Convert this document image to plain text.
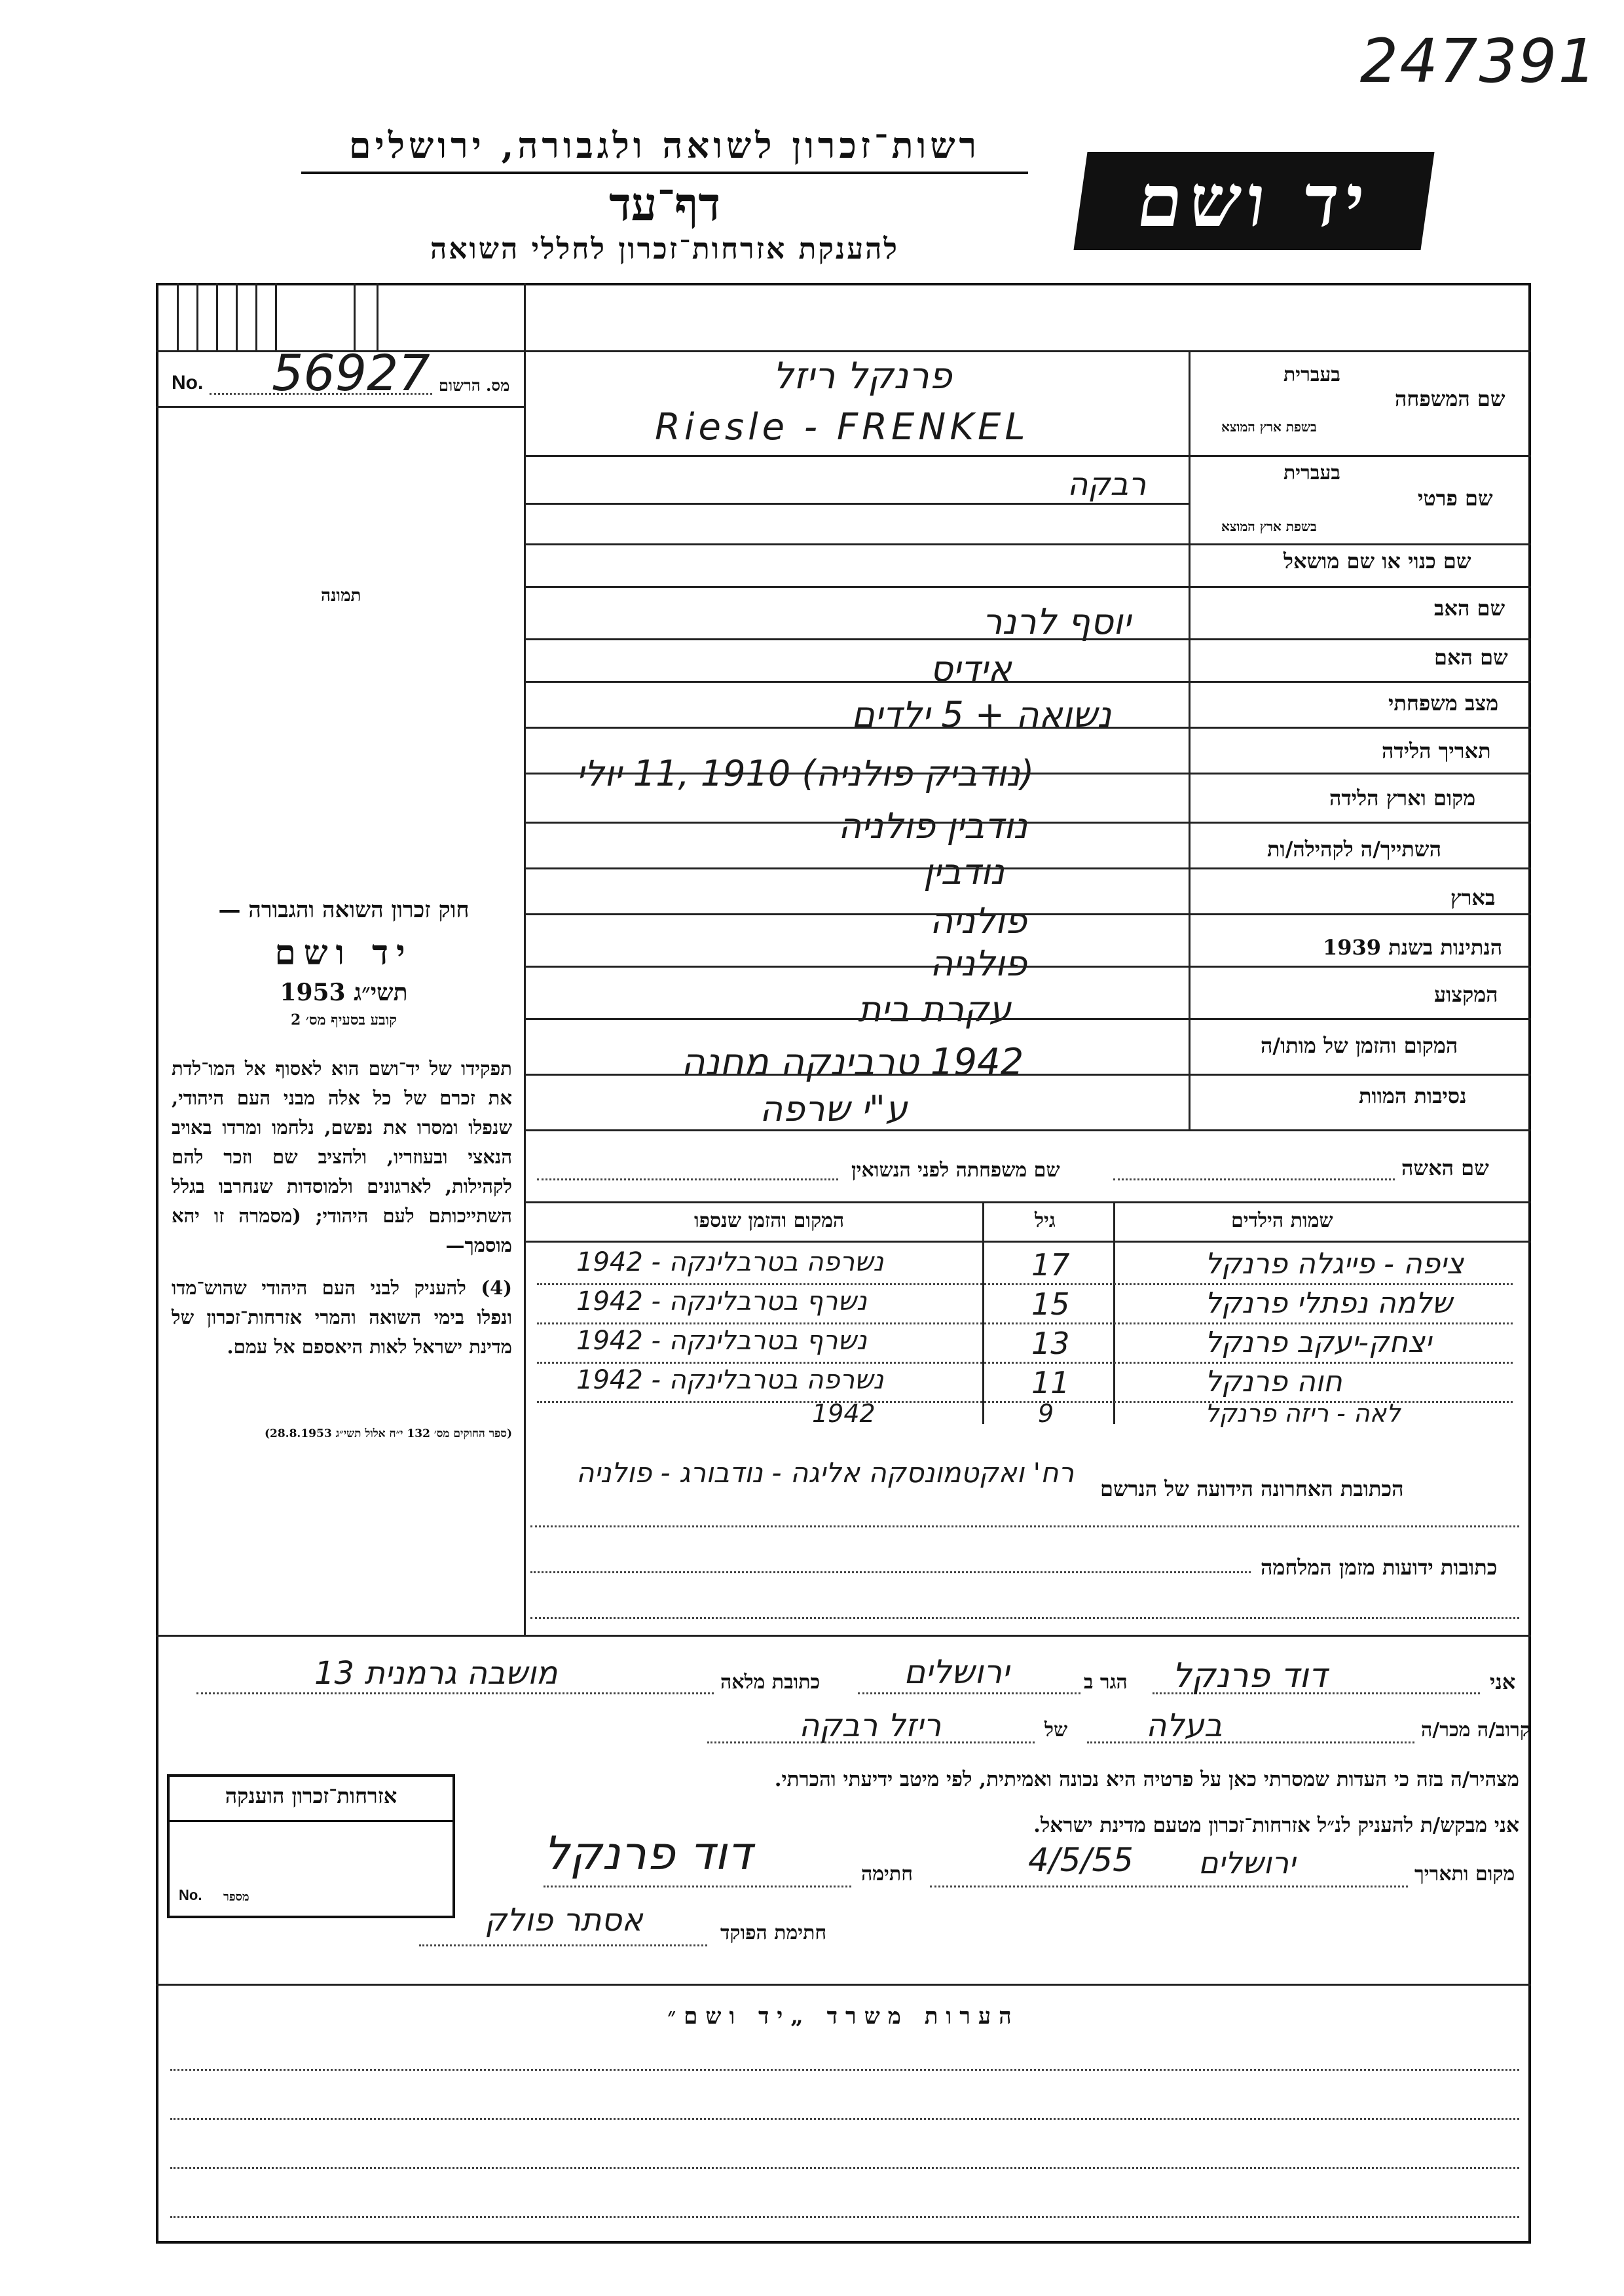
247391
רשות־זכרון לשואה ולגבורה, ירושלים
דף־עד
להענקת אזרחות־זכרון לחללי השואה
יד ושם
No. 56927 מס. הרשום
תמונה
חוק זכרון השואה והגבורה —
יד ושם
תשי״ג 1953
קובע בסעיף מס׳ 2
תפקידו של יד־ושם הוא לאסוף אל המו־לדת את זכרם של כל אלה מבני העם היהודי, שנפלו ומסרו את נפשם, נלחמו ומרדו באויב הנאצי ובעוזריו, ולהציב שם וזכר להם לקהילות, לארגונים ולמוסדות שנחרבו בגלל השתייכותם לעם היהודי; (מסמרה זו יהא מוסמך—
(4) להעניק לבני העם היהודי שהוש־מדו ונפלו בימי השואה והמרי אזרחות־זכרון של מדינת ישראל לאות היאספם אל עמם.
(ספר החוקים מס׳ 132 י״ח אלול תשי״ג 28.8.1953)
בעברית
שם המשפחה
בשפת ארץ המוצא
פרנקל ריזל
Riesle - FRENKEL
בעברית
שם פרטי
בשפת ארץ המוצא
רבקה
שם כנוי או שם מושאל
שם האב
יוסף לרנר
שם האם
אידיס
מצב משפחתי
נשואה + 5 ילדים
תאריך הלידה
(נודביק פולניה) 1910 ,11 יולי
מקום וארץ הלידה
נודבין פולניה
השתייך/ה לקהילה/ות
נודבין
בארץ
פולניה
הנתינות בשנת 1939
פולניה
המקצוע
עקרת בית
המקום והזמן של מותו/ה
1942 טרבינקה מחנה
נסיבות המוות
ע"י שרפה
שם האשה
שם משפחתה לפני הנשואין
שמות הילדים
גיל
המקום והזמן שנספו
ציפה - פייגלה פרנקל
17
נשרפה בטרבלינקה - 1942
שלמה נפתלי פרנקל
15
נשרף בטרבלינקה - 1942
יצחק-יעקב פרנקל
13
נשרף בטרבלינקה - 1942
חוה פרנקל
11
נשרפה בטרבלינקה - 1942
לאה - ריזה פרנקל
9
1942
הכתובת האחרונה הידועה של הנרשם
רח' ואקטמונסקה אליגה - נודבורג - פולניה
כתובות ידועות מזמן המלחמה
אני
דוד פרנקל
הגר ב
ירושלים
כתובת מלאה
מושבה גרמנית 13
קרוב/ה מכר/ה
בעלה
של
ריזל רבקה
מצהיר/ה בזה כי העדות שמסרתי כאן על פרטיה היא נכונה ואמיתית, לפי מיטב ידיעתי והכרתי.
אני מבקש/ת להעניק לנ״ל אזרחות־זכרון מטעם מדינת ישראל.
מקום ותאריך
ירושלים
4/5/55
חתימה
דוד פרנקל
חתימת הפוקד
אסתר פולק
אזרחות־זכרון הוענקה
No. מספר
הערות משרד „יד ושם״
